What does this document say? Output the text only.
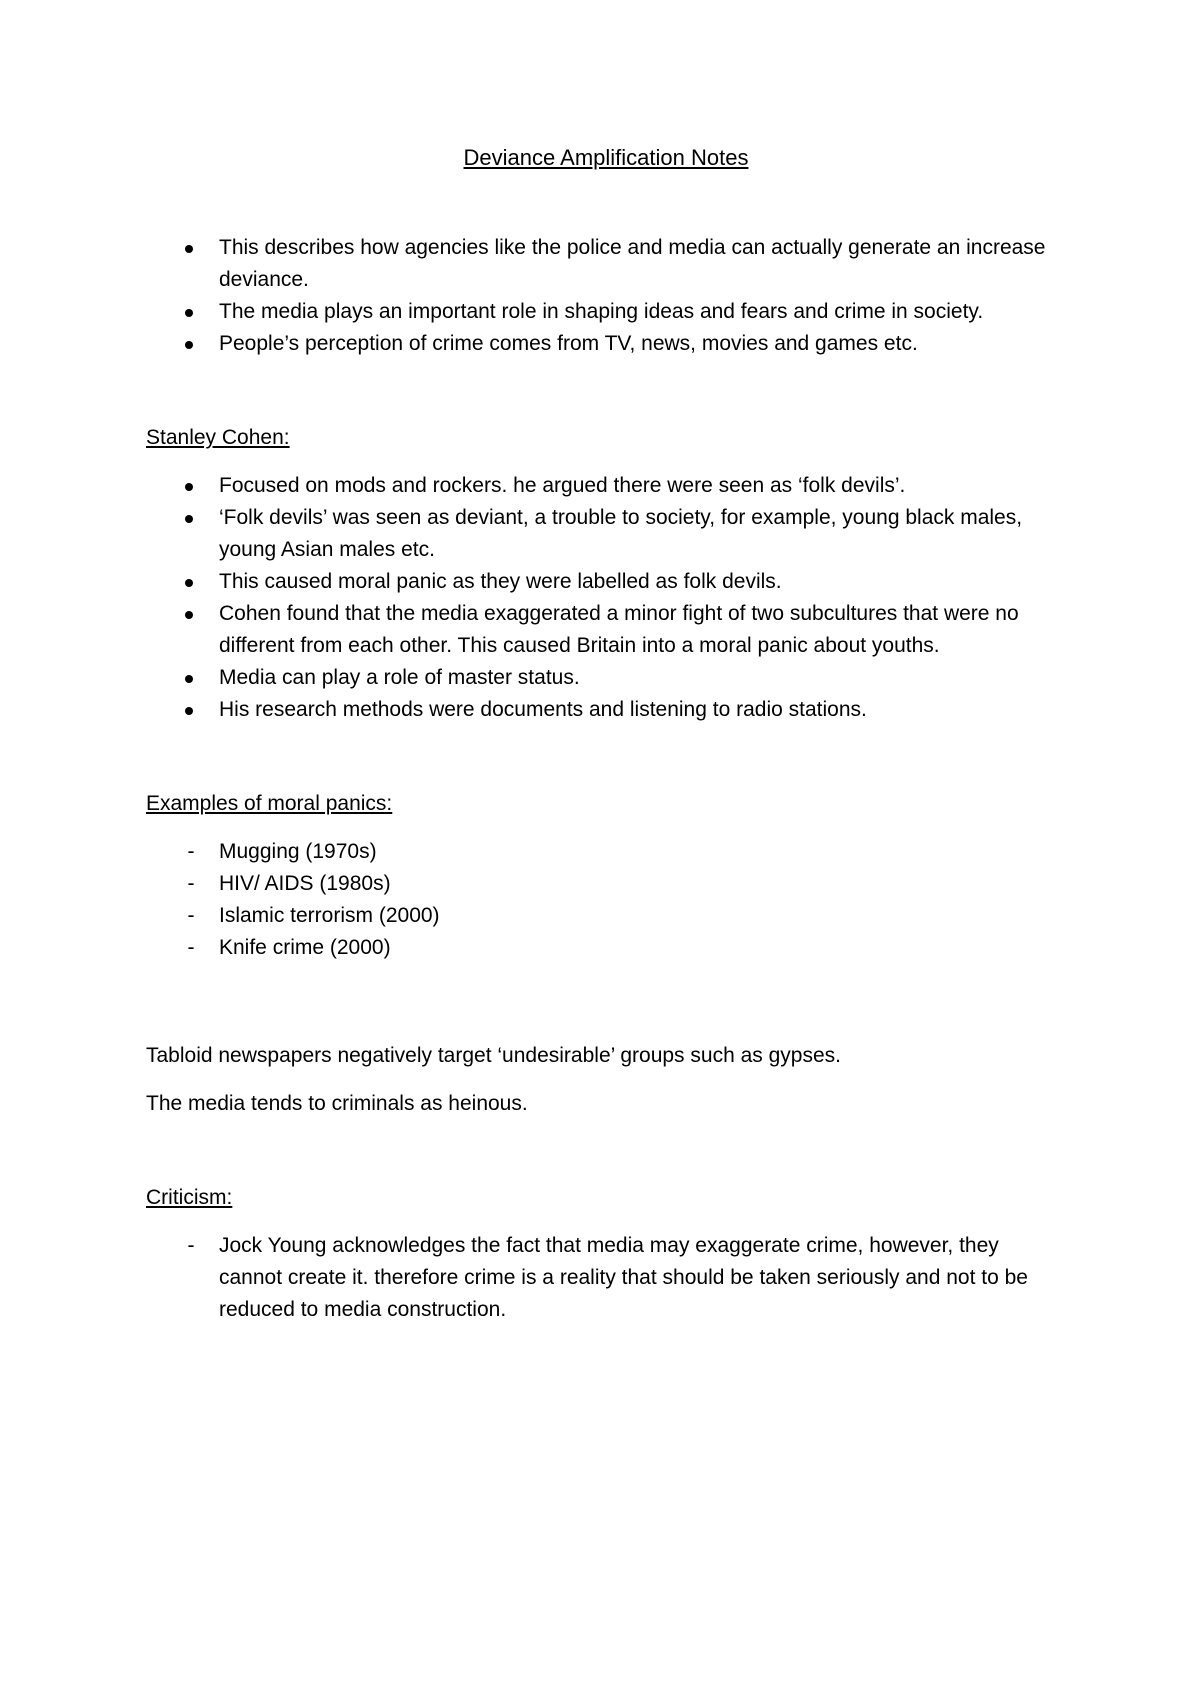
Deviance Amplification Notes
This describes how agencies like the police and media can actually generate an increase deviance.
The media plays an important role in shaping ideas and fears and crime in society.
People’s perception of crime comes from TV, news, movies and games etc.
Stanley Cohen:
Focused on mods and rockers. he argued there were seen as ‘folk devils’.
‘Folk devils’ was seen as deviant, a trouble to society, for example, young black males, young Asian males etc.
This caused moral panic as they were labelled as folk devils.
Cohen found that the media exaggerated a minor fight of two subcultures that were no different from each other. This caused Britain into a moral panic about youths.
Media can play a role of master status.
His research methods were documents and listening to radio stations.
Examples of moral panics:
- Mugging (1970s)
- HIV/ AIDS (1980s)
- Islamic terrorism (2000)
- Knife crime (2000)

Tabloid newspapers negatively target ‘undesirable’ groups such as gypses.

The media tends to criminals as heinous.

Criticism:
- Jock Young acknowledges the fact that media may exaggerate crime, however, they cannot create it. therefore crime is a reality that should be taken seriously and not to be reduced to media construction.
